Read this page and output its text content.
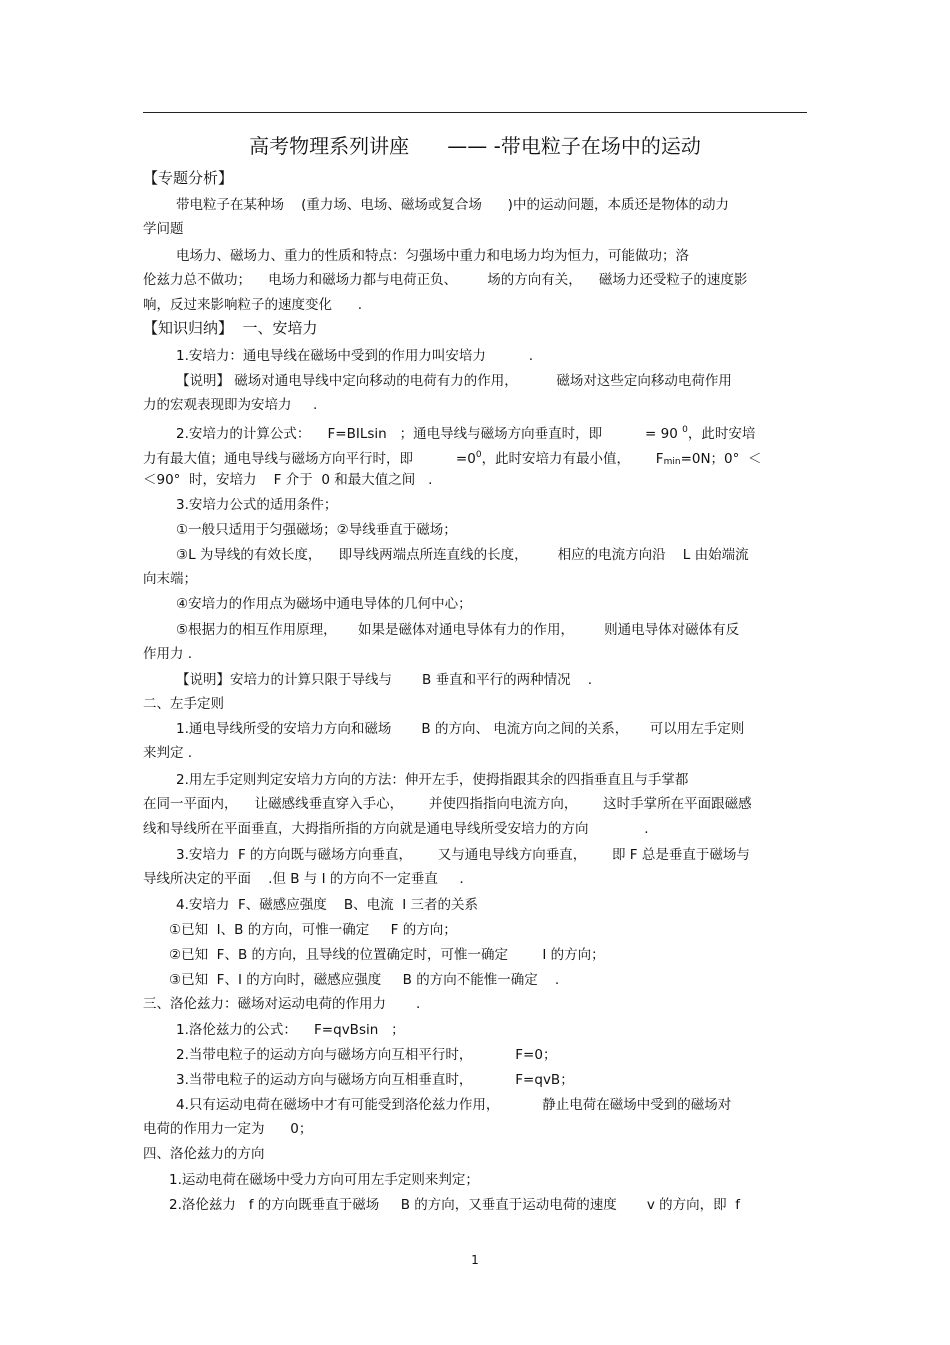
高考物理系列讲座      —— -带电粒子在场中的运动
【专题分析】
带电粒子在某种场    (重力场、电场、磁场或复合场      )中的运动问题，本质还是物体的动力
学问题
电场力、磁场力、重力的性质和特点：匀强场中重力和电场力均为恒力，可能做功；洛
伦兹力总不做功；    电场力和磁场力都与电荷正负、       场的方向有关，    磁场力还受粒子的速度影
响，反过来影响粒子的速度变化      .
【知识归纳】  一、安培力
1.安培力：通电导线在磁场中受到的作用力叫安培力          .
【说明】 磁场对通电导线中定向移动的电荷有力的作用，         磁场对这些定向移动电荷作用
力的宏观表现即为安培力     .
2.安培力的计算公式：    F=BILsin   ；通电导线与磁场方向垂直时，即          = 90 $^0$，此时安培
力有最大值；通电导线与磁场方向平行时，即          $=0^0$，此时安培力有最小值，      $F_{min}=0N$；0°  ＜
＜90°  时，安培力    F 介于  0 和最大值之间   .
3.安培力公式的适用条件；
①一般只适用于匀强磁场；②导线垂直于磁场；
③L 为导线的有效长度，    即导线两端点所连直线的长度，       相应的电流方向沿    L 由始端流
向末端；
④安培力的作用点为磁场中通电导体的几何中心；
⑤根据力的相互作用原理，     如果是磁体对通电导体有力的作用，       则通电导体对磁体有反
作用力 .
【说明】安培力的计算只限于导线与       B 垂直和平行的两种情况    .
二、左手定则
1.通电导线所受的安培力方向和磁场       B 的方向、 电流方向之间的关系，     可以用左手定则
来判定 .
2.用左手定则判定安培力方向的方法：伸开左手，使拇指跟其余的四指垂直且与手掌都
在同一平面内，    让磁感线垂直穿入手心，      并使四指指向电流方向，      这时手掌所在平面跟磁感
线和导线所在平面垂直，大拇指所指的方向就是通电导线所受安培力的方向             .
3.安培力  F 的方向既与磁场方向垂直，      又与通电导线方向垂直，      即 F 总是垂直于磁场与
导线所决定的平面    .但 B 与 I 的方向不一定垂直     .
4.安培力  F、磁感应强度    B、电流  I 三者的关系
①已知  I、B 的方向，可惟一确定     F 的方向；
②已知  F、B 的方向，且导线的位置确定时，可惟一确定        I 的方向；
③已知  F、I 的方向时，磁感应强度     B 的方向不能惟一确定    .
三、洛伦兹力：磁场对运动电荷的作用力       .
1.洛伦兹力的公式：    F=qvBsin   ；
2.当带电粒子的运动方向与磁场方向互相平行时，          F=0；
3.当带电粒子的运动方向与磁场方向互相垂直时，          F=qvB；
4.只有运动电荷在磁场中才有可能受到洛伦兹力作用，          静止电荷在磁场中受到的磁场对
电荷的作用力一定为      0；
四、洛伦兹力的方向
1.运动电荷在磁场中受力方向可用左手定则来判定；
2.洛伦兹力   f 的方向既垂直于磁场     B 的方向，又垂直于运动电荷的速度       v 的方向，即  f
1
